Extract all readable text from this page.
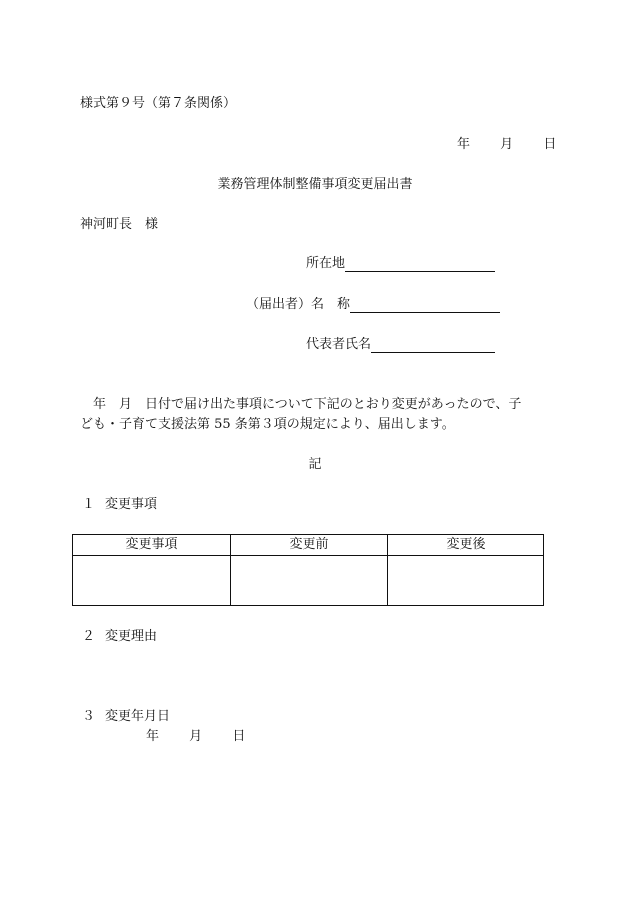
様式第９号（第７条関係）
年 月 日
業務管理体制整備事項変更届出書
神河町長　様
所在地
（届出者）名　称
代表者氏名
年　月　日付で届け出た事項について下記のとおり変更があったので、子
ども・子育て支援法第 55 条第３項の規定により、届出します。
記
１ 変更事項
変更事項	変更前	変更後
２ 変更理由
３ 変更年月日
年 月 日
